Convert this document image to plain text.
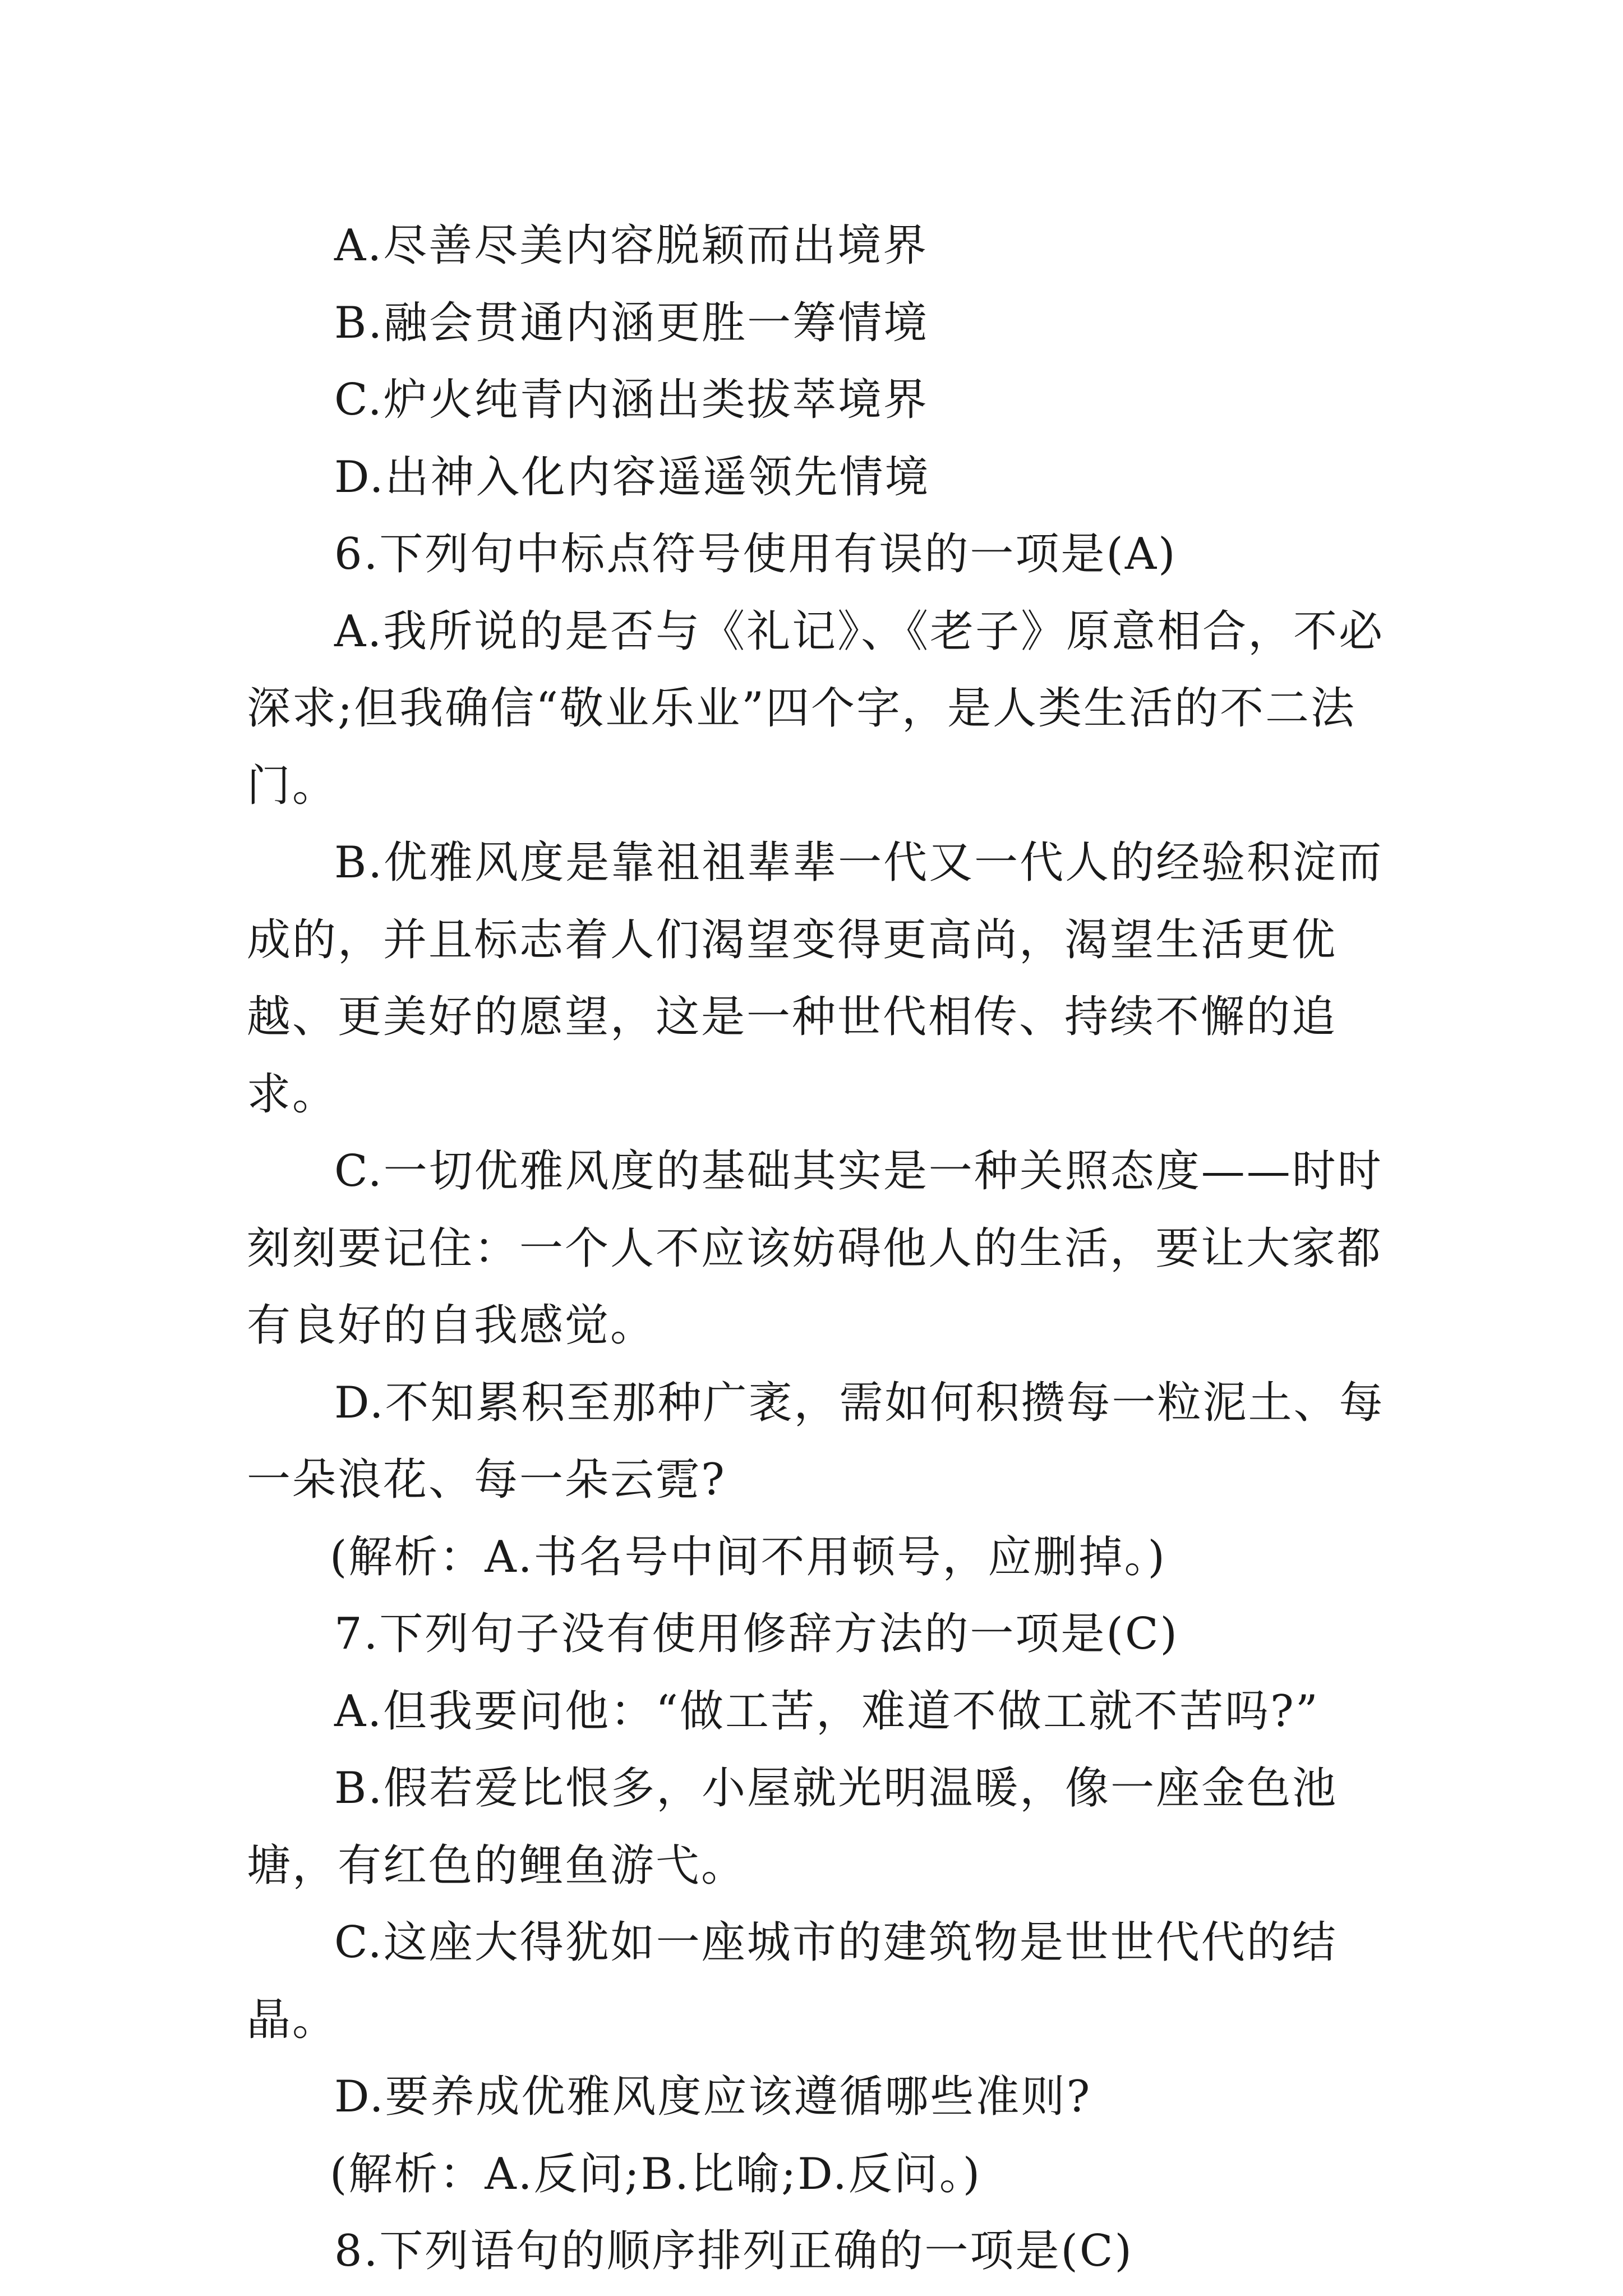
A.尽善尽美内容脱颖而出境界

B.融会贯通内涵更胜一筹情境

C.炉火纯青内涵出类拔萃境界

D.出神入化内容遥遥领先情境

6.下列句中标点符号使用有误的一项是(A)

A.我所说的是否与《礼记》、《老子》原意相合，不必深求;但我确信“敬业乐业”四个字，是人类生活的不二法门。

B.优雅风度是靠祖祖辈辈一代又一代人的经验积淀而成的，并且标志着人们渴望变得更高尚，渴望生活更优越、更美好的愿望，这是一种世代相传、持续不懈的追求。

C.一切优雅风度的基础其实是一种关照态度——时时刻刻要记住：一个人不应该妨碍他人的生活，要让大家都有良好的自我感觉。

D.不知累积至那种广袤，需如何积攒每一粒泥土、每一朵浪花、每一朵云霓?

(解析：A.书名号中间不用顿号，应删掉。)

7.下列句子没有使用修辞方法的一项是(C)

A.但我要问他：“做工苦，难道不做工就不苦吗?”

B.假若爱比恨多，小屋就光明温暖，像一座金色池塘，有红色的鲤鱼游弋。

C.这座大得犹如一座城市的建筑物是世世代代的结晶。

D.要养成优雅风度应该遵循哪些准则?

(解析：A.反问;B.比喻;D.反问。)

8.下列语句的顺序排列正确的一项是(C)
